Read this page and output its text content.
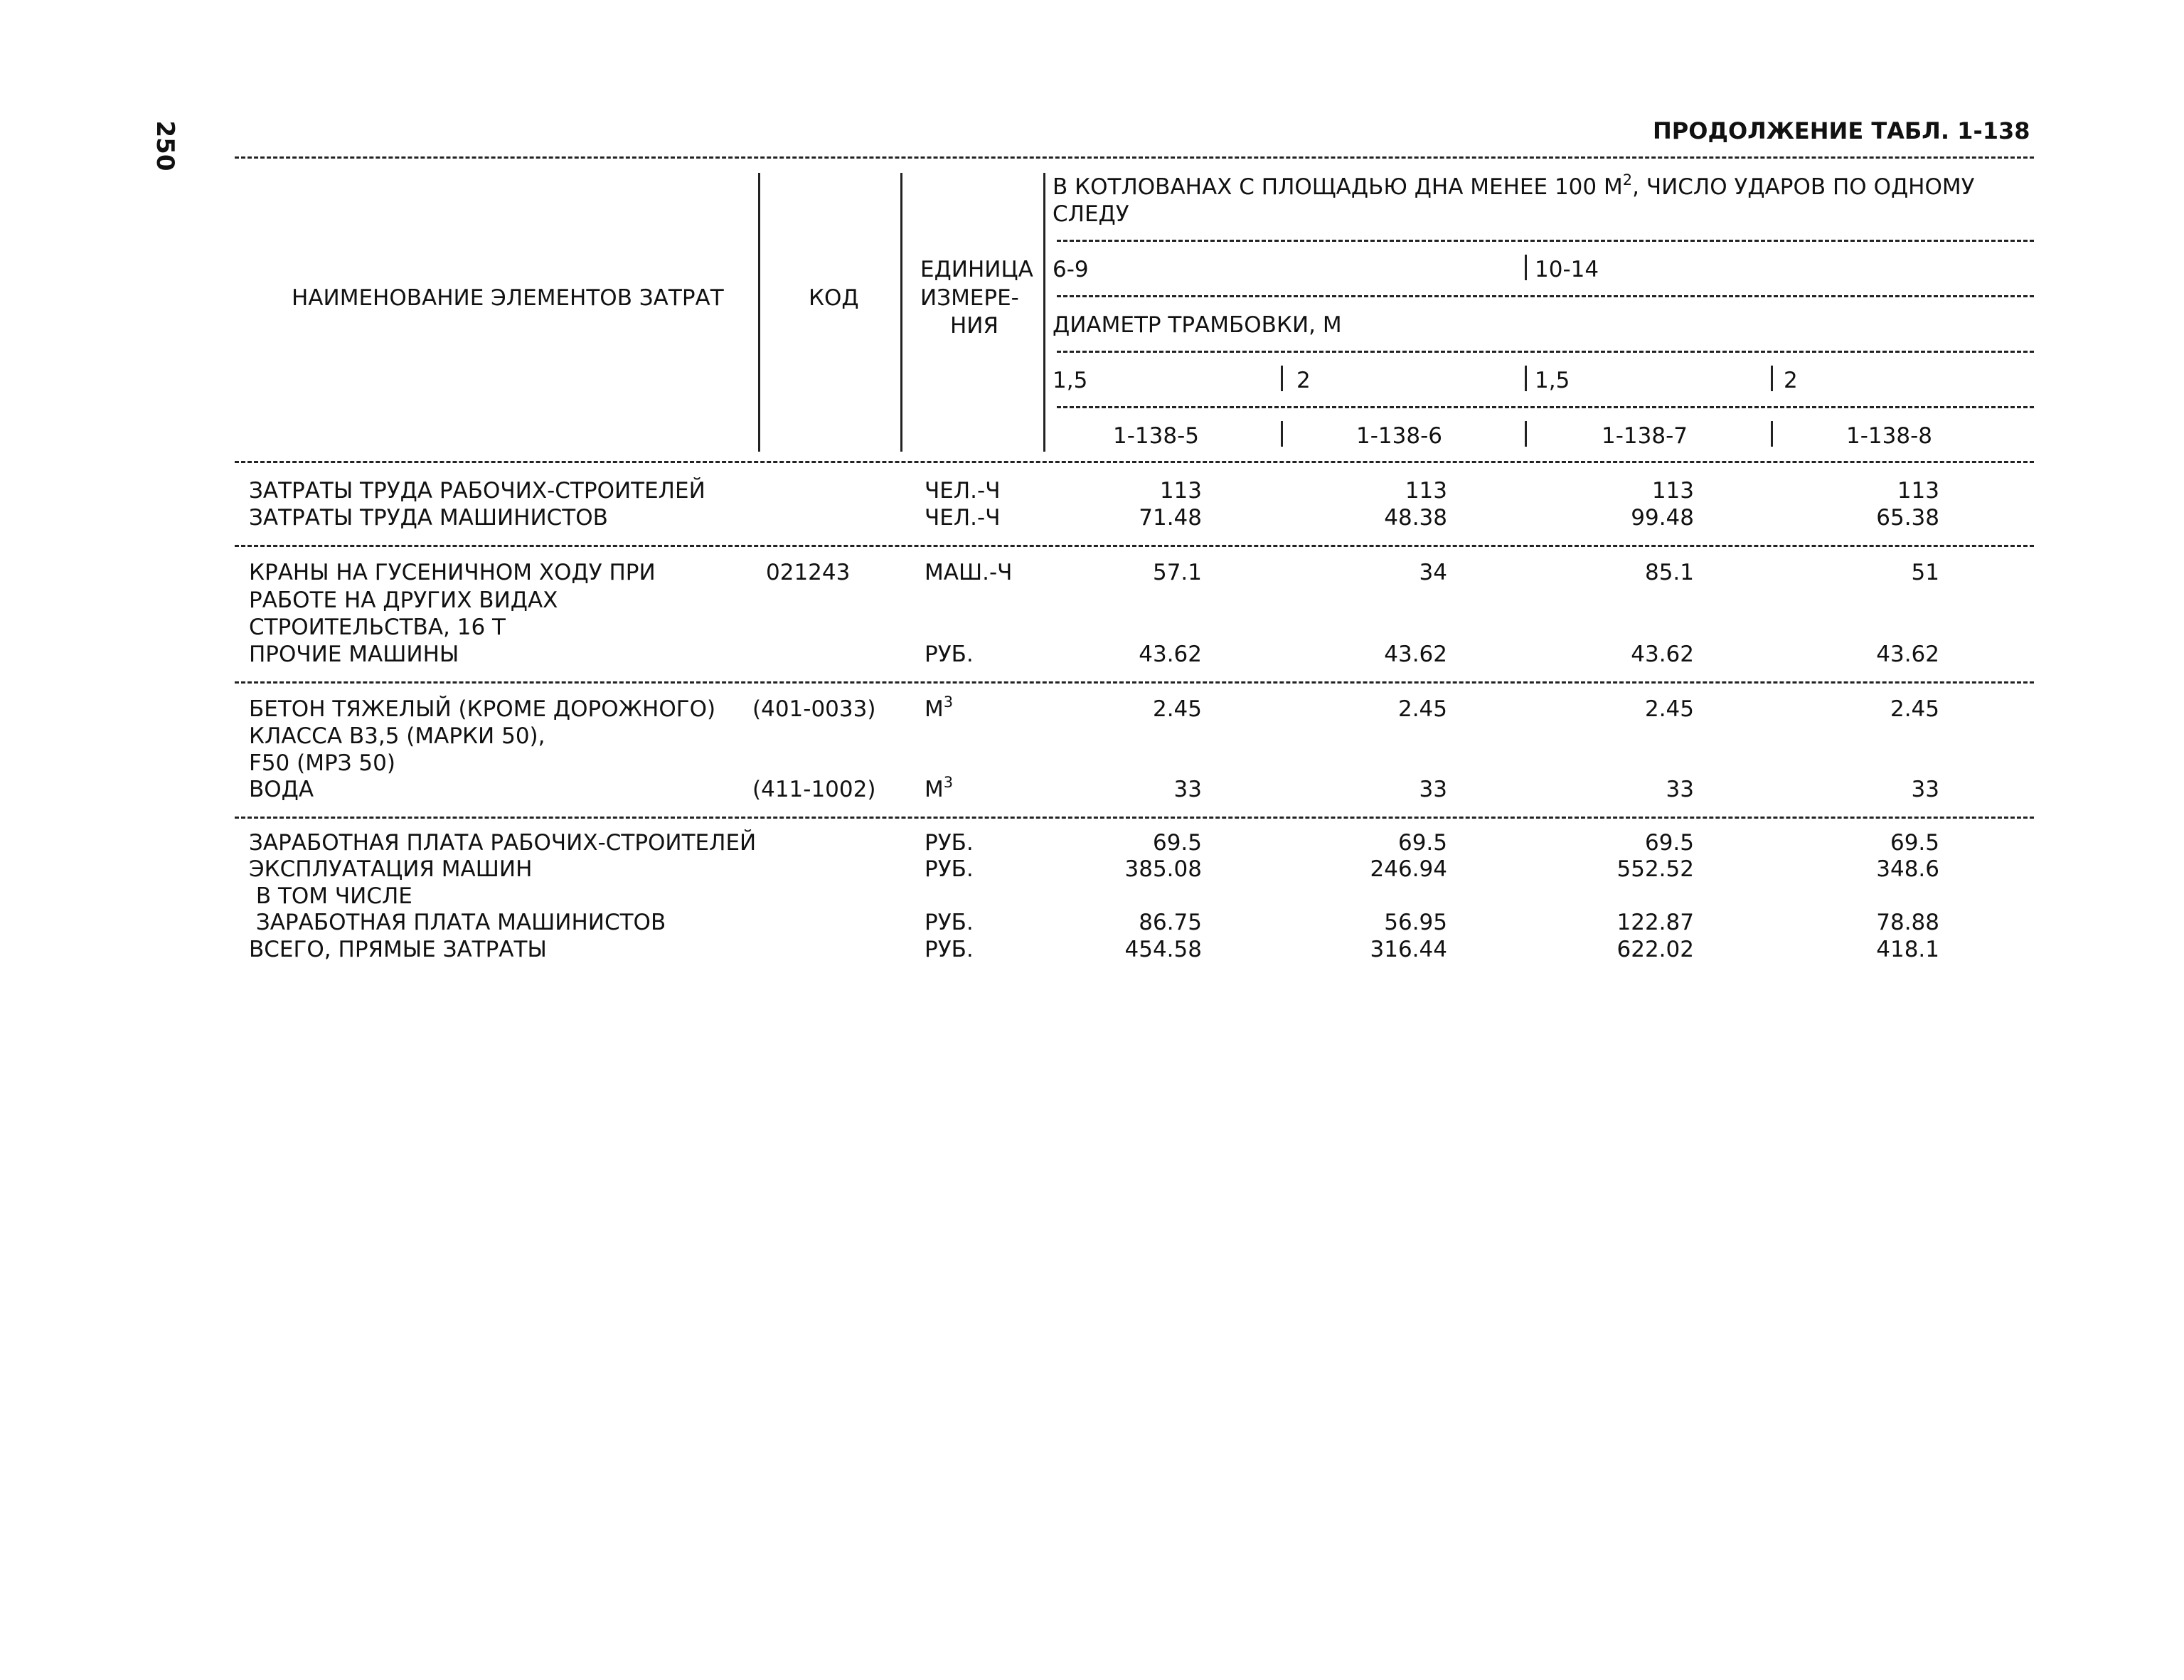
250	ПРОДОЛЖЕНИЕ ТАБЛ. 1-138
НАИМЕНОВАНИЕ ЭЛЕМЕНТОВ ЗАТРАТ	КОД
ЕДИНИЦА
ИЗМЕРЕ-
НИЯ
В КОТЛОВАНАХ С ПЛОЩАДЬЮ ДНА МЕНЕЕ 100 $М^2$, ЧИСЛО УДАРОВ ПО ОДНОМУ
СЛЕДУ
6-9	10-14
ДИАМЕТР ТРАМБОВКИ, М
1,5	2	1,5	2
1-138-5	1-138-6	1-138-7	1-138-8
ЗАТРАТЫ ТРУДА РАБОЧИХ-СТРОИТЕЛЕЙ	ЧЕЛ.-Ч	113	113	113	113
ЗАТРАТЫ ТРУДА МАШИНИСТОВ	ЧЕЛ.-Ч	71.48	48.38	99.48	65.38
КРАНЫ НА ГУСЕНИЧНОМ ХОДУ ПРИ	021243	МАШ.-Ч	57.1	34	85.1	51
РАБОТЕ НА ДРУГИХ ВИДАХ
СТРОИТЕЛЬСТВА, 16 Т
ПРОЧИЕ МАШИНЫ	РУБ.	43.62	43.62	43.62	43.62
БЕТОН ТЯЖЕЛЫЙ (КРОМЕ ДОРОЖНОГО) (401-0033) $М^3$	2.45	2.45	2.45	2.45
КЛАССА В3,5 (МАРКИ 50),
F50 (МРЗ 50)
ВОДА	(411-1002) $М^3$	33	33	33	33
ЗАРАБОТНАЯ ПЛАТА РАБОЧИХ-СТРОИТЕЛЕЙ	РУБ.	69.5	69.5	69.5	69.5
ЭКСПЛУАТАЦИЯ МАШИН	РУБ.	385.08	246.94	552.52	348.6
В ТОМ ЧИСЛЕ
ЗАРАБОТНАЯ ПЛАТА МАШИНИСТОВ	РУБ.	86.75	56.95	122.87	78.88
ВСЕГО, ПРЯМЫЕ ЗАТРАТЫ	РУБ.	454.58	316.44	622.02	418.1
